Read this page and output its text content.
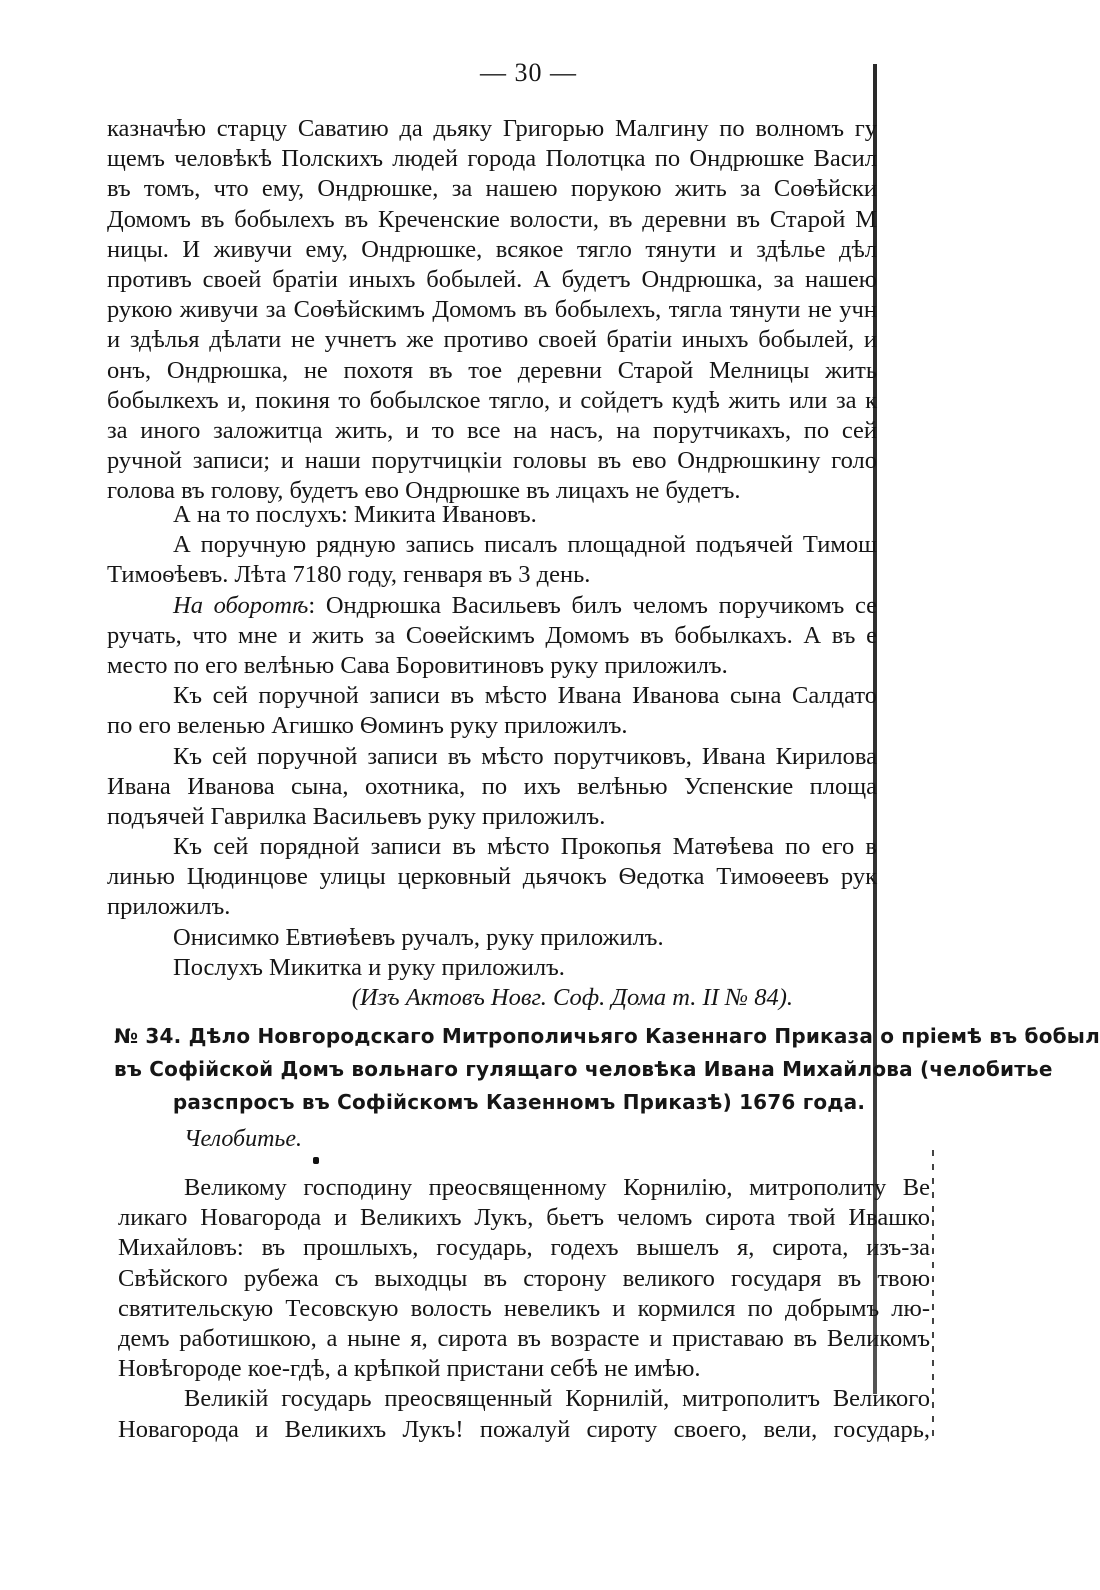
— 30 —
казначѣю старцу Саватию да дьяку Григорью Малгину по волномъ гу
щемъ человѣкѣ Полскихъ людей города Полотцка по Ондрюшке Васил
въ томъ, что ему, Ондрюшке, за нашею порукою жить за Соѳѣйски
Домомъ въ бобылехъ въ Креченские волости, въ деревни въ Старой М
ницы. И живучи ему, Ондрюшке, всякое тягло тянути и здѣлье дѣл
противъ своей братiи иныхъ бобылей. А будетъ Ондрюшка, за нашею
рукою живучи за Соѳѣйскимъ Домомъ въ бобылехъ, тягла тянути не учн
и здѣлья дѣлати не учнетъ же противо своей братiи иныхъ бобылей, и
онъ, Ондрюшка, не похотя въ тое деревни Старой Мелницы жить
бобылкехъ и, покиня то бобылское тягло, и сойдетъ кудѣ жить или за к
за иного заложитца жить, и то все на насъ, на порутчикахъ, по сей
ручной записи; и наши порутчицкiи головы въ ево Ондрюшкину голо
голова въ голову, будетъ ево Ондрюшке въ лицахъ не будетъ.
А на то послухъ: Микита Ивановъ.
А поручную рядную запись писалъ площадной подъячей Тимош
Тимоѳѣевъ. Лѣта 7180 году, генваря въ 3 день.
На оборотѣ: Ондрюшка Васильевъ билъ челомъ поручикомъ се
ручать, что мне и жить за Соѳейскимъ Домомъ въ бобылкахъ. А въ е
место по его велѣнью Сава Боровитиновъ руку приложилъ.
Къ сей поручной записи въ мѣсто Ивана Иванова сына Салдато
по его веленью Агишко Ѳоминъ руку приложилъ.
Къ сей поручной записи въ мѣсто порутчиковъ, Ивана Кирилова
Ивана Иванова сына, охотника, по ихъ велѣнью Успенские площа
подъячей Гаврилка Васильевъ руку приложилъ.
Къ сей порядной записи въ мѣсто Прокопья Матѳѣева по его в
линью Цюдинцове улицы церковный дьячокъ Ѳедотка Тимоѳеевъ рук
приложилъ.
Онисимко Евтиѳѣевъ ручалъ, руку приложилъ.
Послухъ Микитка и руку приложилъ.
(Изъ Актовъ Новг. Соф. Дома т. II № 84).
№ 34. Дѣло Новгородскаго Митрополичьяго Казеннаго Приказа о прiемѣ въ бобыл
въ Софiйской Домъ вольнаго гулящаго человѣка Ивана Михайлова (челобитье
разспросъ въ Софiйскомъ Казенномъ Приказѣ) 1676 года.
Челобитье.
Великому господину преосвященному Корнилiю, митрополиту Ве
ликаго Новагорода и Великихъ Лукъ, бьетъ челомъ сирота твой Ивашко
Михайловъ: въ прошлыхъ, государь, годехъ вышелъ я, сирота, изъ-за
Свѣйского рубежа съ выходцы въ сторону великого государя въ твою
святительскую Тесовскую волость невеликъ и кормился по добрымъ лю-
демъ работишкою, а ныне я, сирота въ возрасте и приставаю въ Великомъ
Новѣгороде кое-гдѣ, а крѣпкой пристани себѣ не имѣю.
Великiй государь преосвященный Корнилiй, митрополитъ Великого
Новагорода и Великихъ Лукъ! пожалуй сироту своего, вели, государь,
